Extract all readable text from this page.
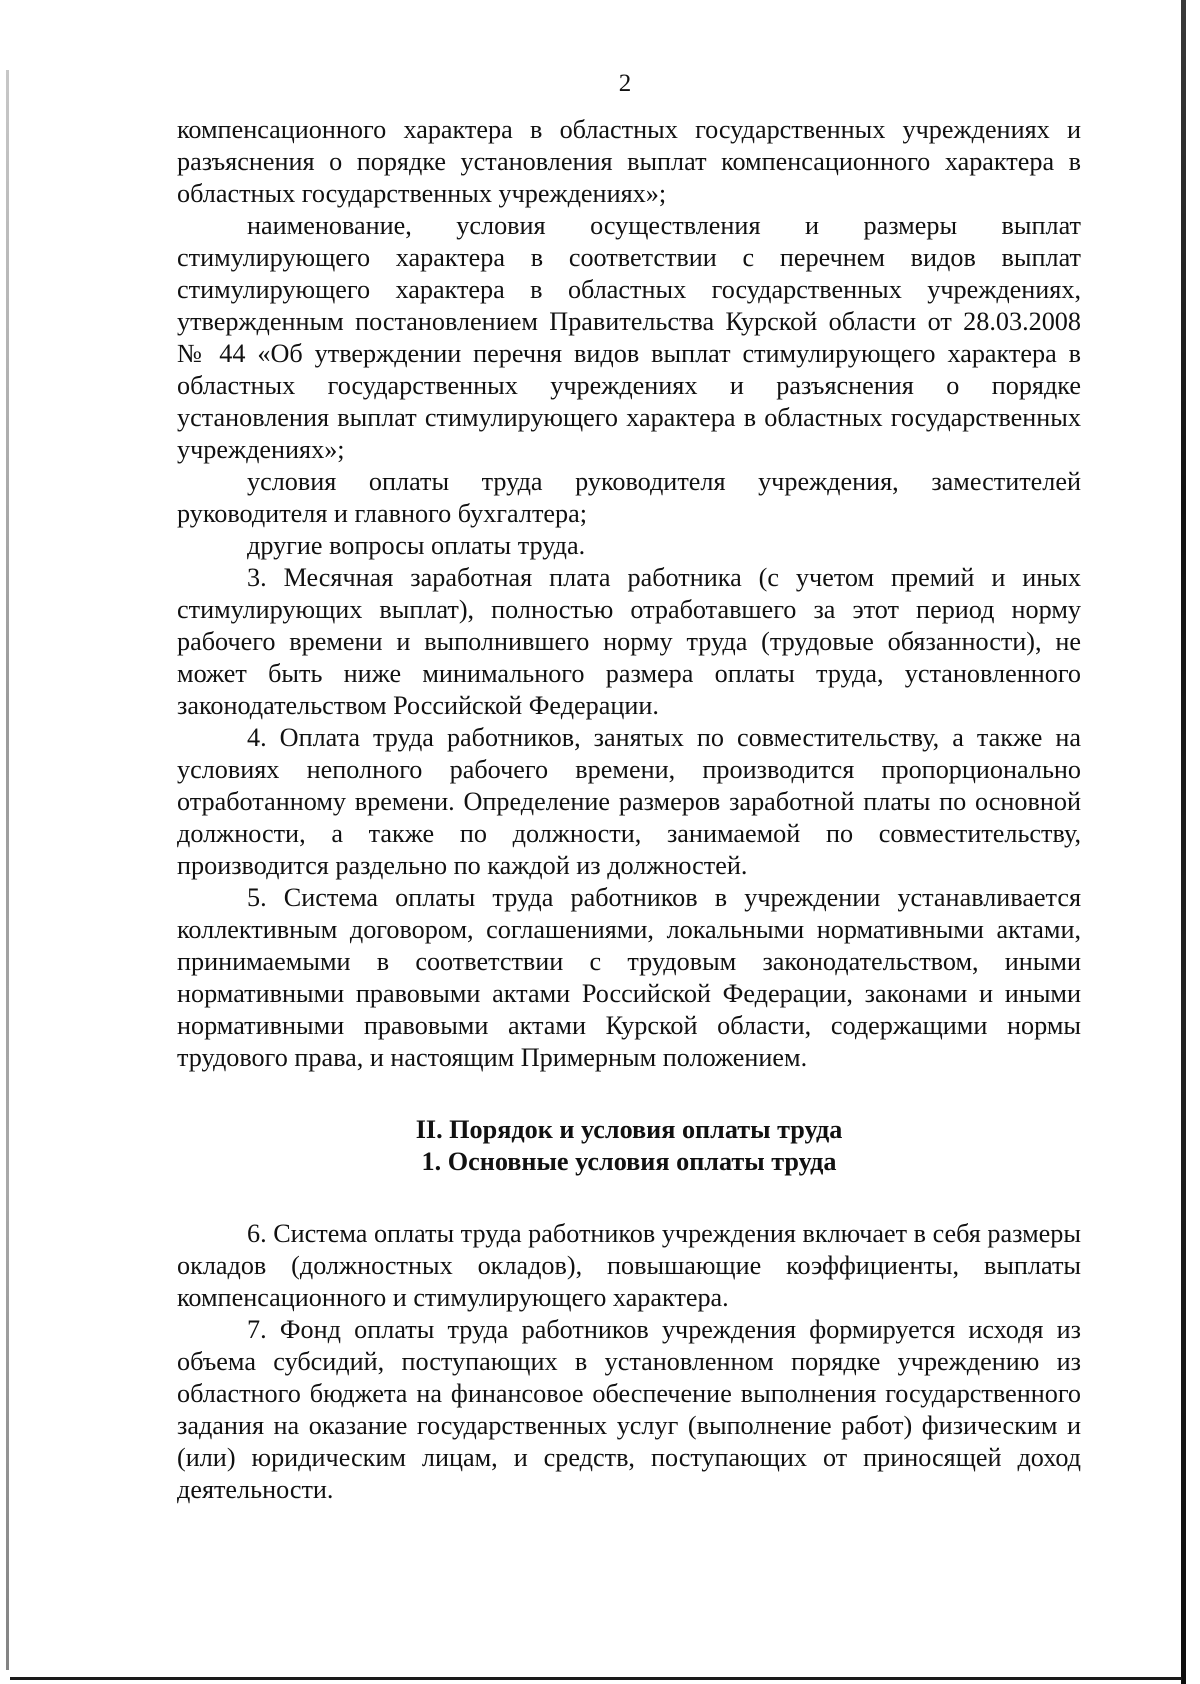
2

компенсационного характера в областных государственных учреждениях и разъяснения о порядке установления выплат компенсационного характера в областных государственных учреждениях»;

наименование, условия осуществления и размеры выплат стимулирующего характера в соответствии с перечнем видов выплат стимулирующего характера в областных государственных учреждениях, утвержденным постановлением Правительства Курской области от 28.03.2008 № 44 «Об утверждении перечня видов выплат стимулирующего характера в областных государственных учреждениях и разъяснения о порядке установления выплат стимулирующего характера в областных государственных учреждениях»;

условия оплаты труда руководителя учреждения, заместителей руководителя и главного бухгалтера;

другие вопросы оплаты труда.

3. Месячная заработная плата работника (с учетом премий и иных стимулирующих выплат), полностью отработавшего за этот период норму рабочего времени и выполнившего норму труда (трудовые обязанности), не может быть ниже минимального размера оплаты труда, установленного законодательством Российской Федерации.

4. Оплата труда работников, занятых по совместительству, а также на условиях неполного рабочего времени, производится пропорционально отработанному времени. Определение размеров заработной платы по основной должности, а также по должности, занимаемой по совместительству, производится раздельно по каждой из должностей.

5. Система оплаты труда работников в учреждении устанавливается коллективным договором, соглашениями, локальными нормативными актами, принимаемыми в соответствии с трудовым законодательством, иными нормативными правовыми актами Российской Федерации, законами и иными нормативными правовыми актами Курской области, содержащими нормы трудового права, и настоящим Примерным положением.

II. Порядок и условия оплаты труда

1. Основные условия оплаты труда

6. Система оплаты труда работников учреждения включает в себя размеры окладов (должностных окладов), повышающие коэффициенты, выплаты компенсационного и стимулирующего характера.

7. Фонд оплаты труда работников учреждения формируется исходя из объема субсидий, поступающих в установленном порядке учреждению из областного бюджета на финансовое обеспечение выполнения государственного задания на оказание государственных услуг (выполнение работ) физическим и (или) юридическим лицам, и средств, поступающих от приносящей доход деятельности.
